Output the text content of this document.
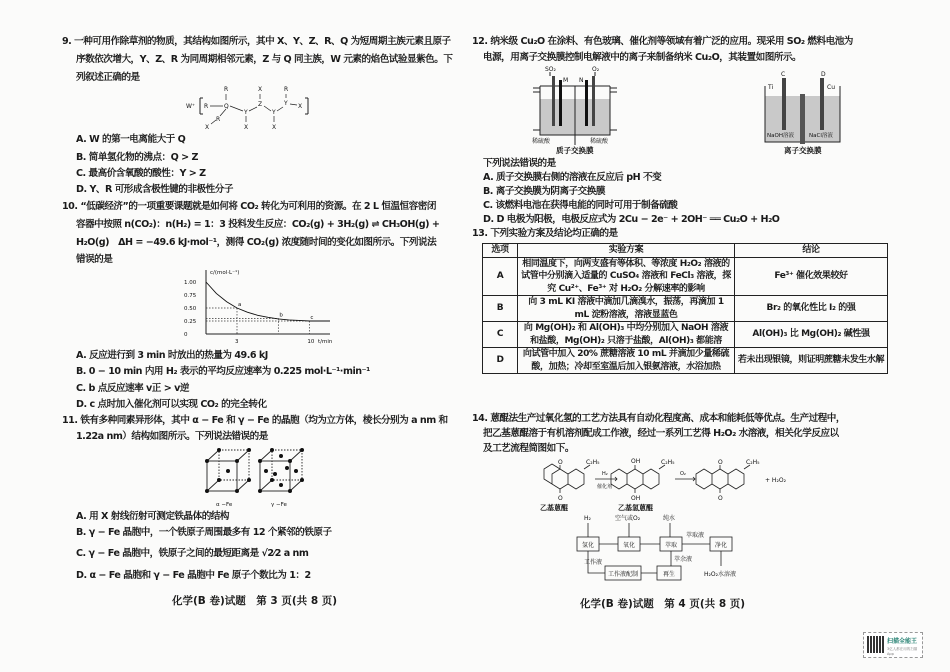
9. 一种可用作除草剂的物质，其结构如图所示，其中 X、Y、Z、R、Q 为短周期主族元素且原子
序数依次增大，Y、Z、R 为同周期相邻元素，Z 与 Q 同主族，W 元素的焰色试验显紫色。下
列叙述正确的是
W⁺ R	Q
R
Y
Z
X
Y
Y
R
X
R
X	X	X
A. W 的第一电离能大于 Q
B. 简单氢化物的沸点：Q > Z
C. 最高价含氧酸的酸性：Y > Z
D. Y、R 可形成含极性键的非极性分子
10. “低碳经济”的一项重要课题就是如何将 CO₂ 转化为可利用的资源。在 2 L 恒温恒容密闭
容器中按照 n(CO₂)：n(H₂) = 1：3 投料发生反应：CO₂(g) + 3H₂(g) ⇌ CH₃OH(g) +
H₂O(g)　ΔH = −49.6 kJ·mol⁻¹，测得 CO₂(g) 浓度随时间的变化如图所示。下列说法
错误的是
c/(mol·L⁻¹)
t/min
0
0.25
0.50
0.75
1.00
a
b	c
3	10
A. 反应进行到 3 min 时放出的热量为 49.6 kJ
B. 0 − 10 min 内用 H₂ 表示的平均反应速率为 0.225 mol·L⁻¹·min⁻¹
C. b 点反应速率 v正 > v逆
D. c 点时加入催化剂可以实现 CO₂ 的完全转化
11. 铁有多种同素异形体，其中 α − Fe 和 γ − Fe 的晶胞（均为立方体，棱长分别为 a nm 和
1.22a nm）结构如图所示。下列说法错误的是
α −Fe	γ −Fe
A. 用 X 射线衍射可测定铁晶体的结构
B. γ − Fe 晶胞中，一个铁原子周围最多有 12 个紧邻的铁原子
C. γ − Fe 晶胞中，铁原子之间的最短距离是 √2⁄2 a nm
D. α − Fe 晶胞和 γ − Fe 晶胞中 Fe 原子个数比为 1：2
化学(B 卷)试题　第 3 页(共 8 页)
12. 纳米级 Cu₂O 在涂料、有色玻璃、催化剂等领域有着广泛的应用。现采用 SO₂ 燃料电池为
电源，用离子交换膜控制电解液中的离子来制备纳米 Cu₂O，其装置如图所示。
SO₂	O₂
M N
稀硫酸	稀硫酸
质子交换膜
C	D
Ti	Cu
NaOH溶液	NaCl溶液
离子交换膜
下列说法错误的是
A. 质子交换膜右侧的溶液在反应后 pH 不变
B. 离子交换膜为阴离子交换膜
C. 该燃料电池在获得电能的同时可用于制备硫酸
D. D 电极为阳极，电极反应式为 2Cu − 2e⁻ + 2OH⁻ ══ Cu₂O + H₂O
13. 下列实验方案及结论均正确的是
选项	实验方案	结论
A	相同温度下，向两支盛有等体积、等浓度 H₂O₂ 溶液的试管中分别滴入适量的 CuSO₄ 溶液和 FeCl₃ 溶液，探究 Cu²⁺、Fe³⁺ 对 H₂O₂ 分解速率的影响	Fe³⁺ 催化效果较好
B	向 3 mL KI 溶液中滴加几滴溴水，振荡，再滴加 1 mL 淀粉溶液，溶液显蓝色	Br₂ 的氧化性比 I₂ 的强
C	向 Mg(OH)₂ 和 Al(OH)₃ 中均分别加入 NaOH 溶液和盐酸，Mg(OH)₂ 只溶于盐酸，Al(OH)₃ 都能溶	Al(OH)₃ 比 Mg(OH)₂ 碱性强
D	向试管中加入 20% 蔗糖溶液 10 mL 并滴加少量稀硫酸，加热；冷却至室温后加入银氨溶液，水浴加热	若未出现银镜，则证明蔗糖未发生水解
14. 蒽醌法生产过氧化氢的工艺方法具有自动化程度高、成本和能耗低等优点。生产过程中，
把乙基蒽醌溶于有机溶剂配成工作液，经过一系列工艺得 H₂O₂ 水溶液，相关化学反应以
及工艺流程简图如下。
O
O
C₂H₅
H₂
催化剂
OH
OH
C₂H₅
O₂
O
O
C₂H₅
+ H₂O₂
乙基蒽醌	乙基氢蒽醌
H₂	空气或O₂	纯水
氢化	氧化	萃取	净化
萃取液
萃余液
再生
工作液配制
工作液
H₂O₂水溶液
化学(B 卷)试题　第 4 页(共 8 页)
扫描全能王
3亿人都在用的扫描App
